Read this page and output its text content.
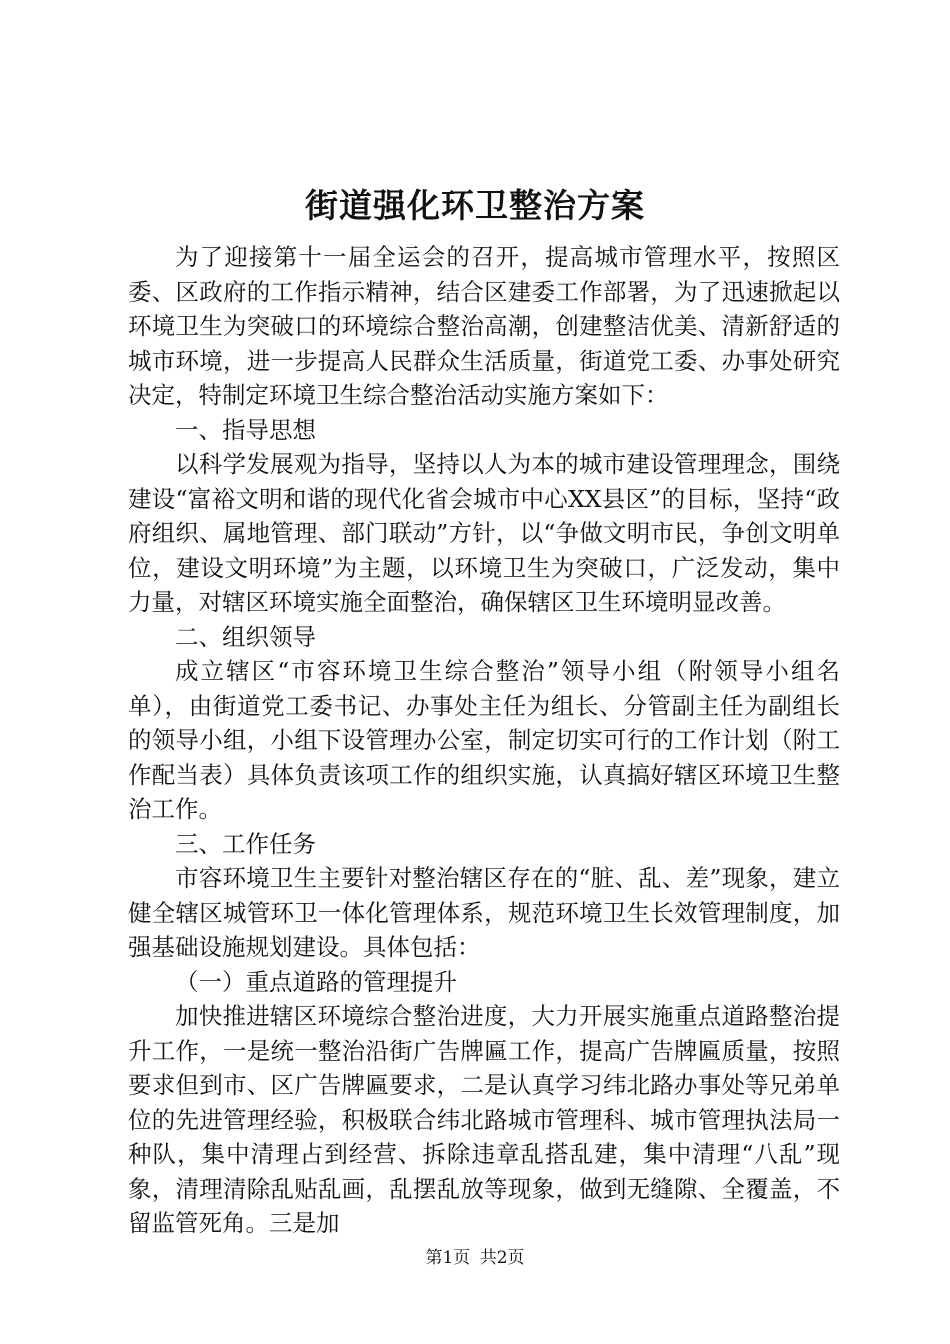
街道强化环卫整治方案

为了迎接第十一届全运会的召开，提高城市管理水平，按照区委、区政府的工作指示精神，结合区建委工作部署，为了迅速掀起以环境卫生为突破口的环境综合整治高潮，创建整洁优美、清新舒适的城市环境，进一步提高人民群众生活质量，街道党工委、办事处研究决定，特制定环境卫生综合整治活动实施方案如下：

一、指导思想

以科学发展观为指导，坚持以人为本的城市建设管理理念，围绕建设“富裕文明和谐的现代化省会城市中心XX县区”的目标，坚持“政府组织、属地管理、部门联动”方针，以“争做文明市民，争创文明单位，建设文明环境”为主题，以环境卫生为突破口，广泛发动，集中力量，对辖区环境实施全面整治，确保辖区卫生环境明显改善。

二、组织领导

成立辖区“市容环境卫生综合整治”领导小组（附领导小组名单），由街道党工委书记、办事处主任为组长、分管副主任为副组长的领导小组，小组下设管理办公室，制定切实可行的工作计划（附工作配当表）具体负责该项工作的组织实施，认真搞好辖区环境卫生整治工作。

三、工作任务

市容环境卫生主要针对整治辖区存在的“脏、乱、差”现象，建立健全辖区城管环卫一体化管理体系，规范环境卫生长效管理制度，加强基础设施规划建设。具体包括：

（一）重点道路的管理提升

加快推进辖区环境综合整治进度，大力开展实施重点道路整治提升工作，一是统一整治沿街广告牌匾工作，提高广告牌匾质量，按照要求但到市、区广告牌匾要求，二是认真学习纬北路办事处等兄弟单位的先进管理经验，积极联合纬北路城市管理科、城市管理执法局一种队，集中清理占到经营、拆除违章乱搭乱建，集中清理“八乱”现象，清理清除乱贴乱画，乱摆乱放等现象，做到无缝隙、全覆盖，不留监管死角。三是加

第1页 共2页
